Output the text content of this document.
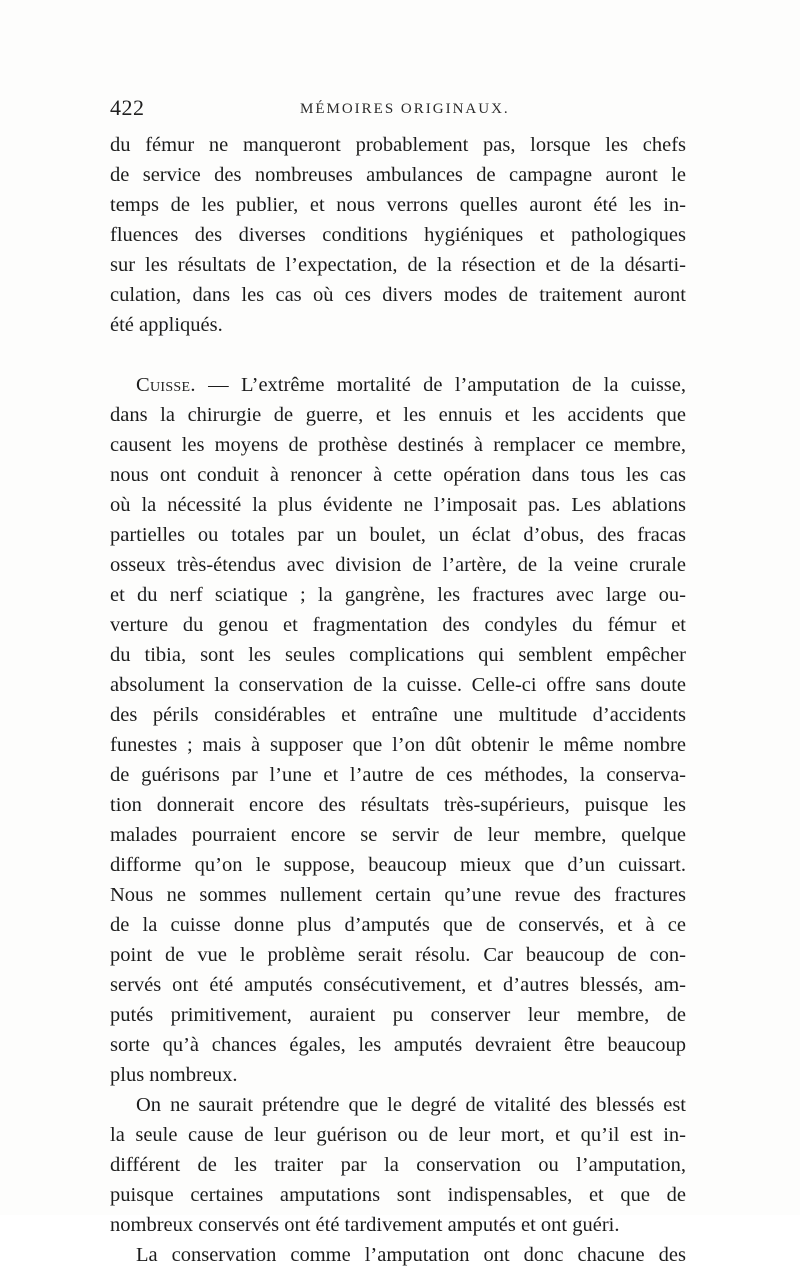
422	MÉMOIRES ORIGINAUX.
du fémur ne manqueront probablement pas, lorsque les chefs
de service des nombreuses ambulances de campagne auront le
temps de les publier, et nous verrons quelles auront été les in-
fluences des diverses conditions hygiéniques et pathologiques
sur les résultats de l’expectation, de la résection et de la désarti-
culation, dans les cas où ces divers modes de traitement auront
été appliqués.
Cuisse. — L’extrême mortalité de l’amputation de la cuisse,
dans la chirurgie de guerre, et les ennuis et les accidents que
causent les moyens de prothèse destinés à remplacer ce membre,
nous ont conduit à renoncer à cette opération dans tous les cas
où la nécessité la plus évidente ne l’imposait pas. Les ablations
partielles ou totales par un boulet, un éclat d’obus, des fracas
osseux très-étendus avec division de l’artère, de la veine crurale
et du nerf sciatique ; la gangrène, les fractures avec large ou-
verture du genou et fragmentation des condyles du fémur et
du tibia, sont les seules complications qui semblent empêcher
absolument la conservation de la cuisse. Celle-ci offre sans doute
des périls considérables et entraîne une multitude d’accidents
funestes ; mais à supposer que l’on dût obtenir le même nombre
de guérisons par l’une et l’autre de ces méthodes, la conserva-
tion donnerait encore des résultats très-supérieurs, puisque les
malades pourraient encore se servir de leur membre, quelque
difforme qu’on le suppose, beaucoup mieux que d’un cuissart.
Nous ne sommes nullement certain qu’une revue des fractures
de la cuisse donne plus d’amputés que de conservés, et à ce
point de vue le problème serait résolu. Car beaucoup de con-
servés ont été amputés consécutivement, et d’autres blessés, am-
putés primitivement, auraient pu conserver leur membre, de
sorte qu’à chances égales, les amputés devraient être beaucoup
plus nombreux.
On ne saurait prétendre que le degré de vitalité des blessés est
la seule cause de leur guérison ou de leur mort, et qu’il est in-
différent de les traiter par la conservation ou l’amputation,
puisque certaines amputations sont indispensables, et que de
nombreux conservés ont été tardivement amputés et ont guéri.
La conservation comme l’amputation ont donc chacune des
